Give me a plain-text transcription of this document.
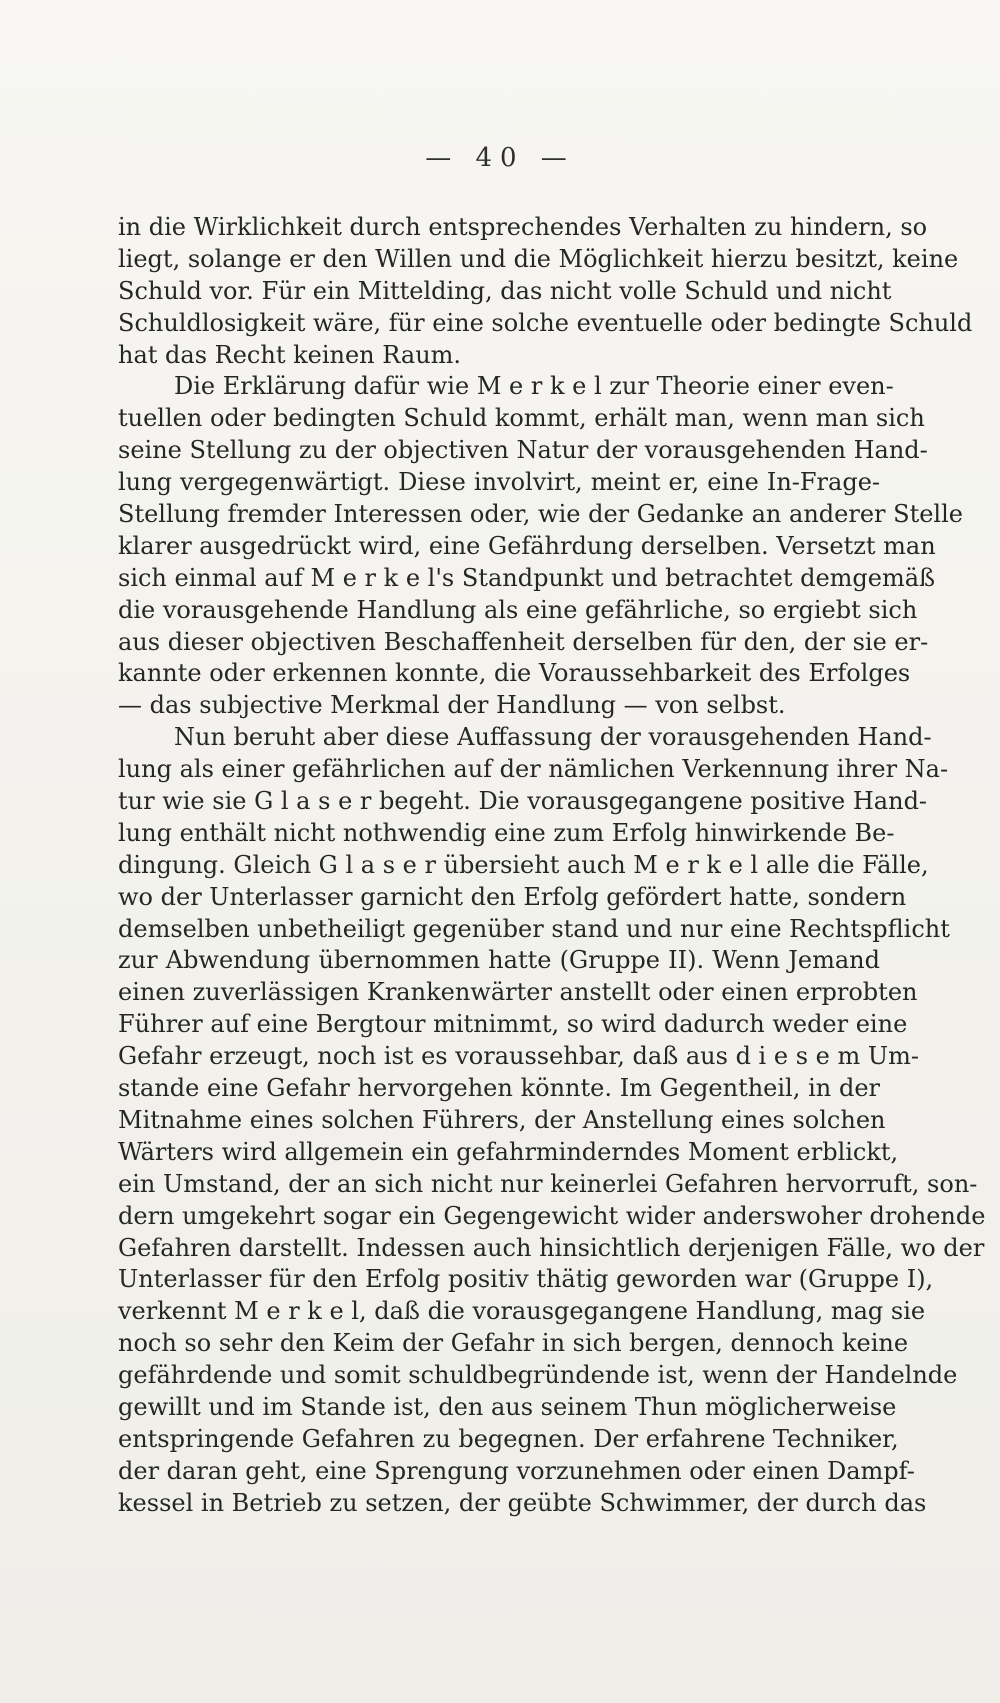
— 40 —
in die Wirklichkeit durch entsprechendes Verhalten zu hindern, so
liegt, solange er den Willen und die Möglichkeit hierzu besitzt, keine
Schuld vor. Für ein Mittelding, das nicht volle Schuld und nicht
Schuldlosigkeit wäre, für eine solche eventuelle oder bedingte Schuld
hat das Recht keinen Raum.
Die Erklärung dafür wie M e r k e l zur Theorie einer even-
tuellen oder bedingten Schuld kommt, erhält man, wenn man sich
seine Stellung zu der objectiven Natur der vorausgehenden Hand-
lung vergegenwärtigt. Diese involvirt, meint er, eine In-Frage-
Stellung fremder Interessen oder, wie der Gedanke an anderer Stelle
klarer ausgedrückt wird, eine Gefährdung derselben. Versetzt man
sich einmal auf M e r k e l's Standpunkt und betrachtet demgemäß
die vorausgehende Handlung als eine gefährliche, so ergiebt sich
aus dieser objectiven Beschaffenheit derselben für den, der sie er-
kannte oder erkennen konnte, die Voraussehbarkeit des Erfolges
— das subjective Merkmal der Handlung — von selbst.
Nun beruht aber diese Auffassung der vorausgehenden Hand-
lung als einer gefährlichen auf der nämlichen Verkennung ihrer Na-
tur wie sie G l a s e r begeht. Die vorausgegangene positive Hand-
lung enthält nicht nothwendig eine zum Erfolg hinwirkende Be-
dingung. Gleich G l a s e r übersieht auch M e r k e l alle die Fälle,
wo der Unterlasser garnicht den Erfolg gefördert hatte, sondern
demselben unbetheiligt gegenüber stand und nur eine Rechtspflicht
zur Abwendung übernommen hatte (Gruppe II). Wenn Jemand
einen zuverlässigen Krankenwärter anstellt oder einen erprobten
Führer auf eine Bergtour mitnimmt, so wird dadurch weder eine
Gefahr erzeugt, noch ist es voraussehbar, daß aus d i e s e m Um-
stande eine Gefahr hervorgehen könnte. Im Gegentheil, in der
Mitnahme eines solchen Führers, der Anstellung eines solchen
Wärters wird allgemein ein gefahrminderndes Moment erblickt,
ein Umstand, der an sich nicht nur keinerlei Gefahren hervorruft, son-
dern umgekehrt sogar ein Gegengewicht wider anderswoher drohende
Gefahren darstellt. Indessen auch hinsichtlich derjenigen Fälle, wo der
Unterlasser für den Erfolg positiv thätig geworden war (Gruppe I),
verkennt M e r k e l, daß die vorausgegangene Handlung, mag sie
noch so sehr den Keim der Gefahr in sich bergen, dennoch keine
gefährdende und somit schuldbegründende ist, wenn der Handelnde
gewillt und im Stande ist, den aus seinem Thun möglicherweise
entspringende Gefahren zu begegnen. Der erfahrene Techniker,
der daran geht, eine Sprengung vorzunehmen oder einen Dampf-
kessel in Betrieb zu setzen, der geübte Schwimmer, der durch das
